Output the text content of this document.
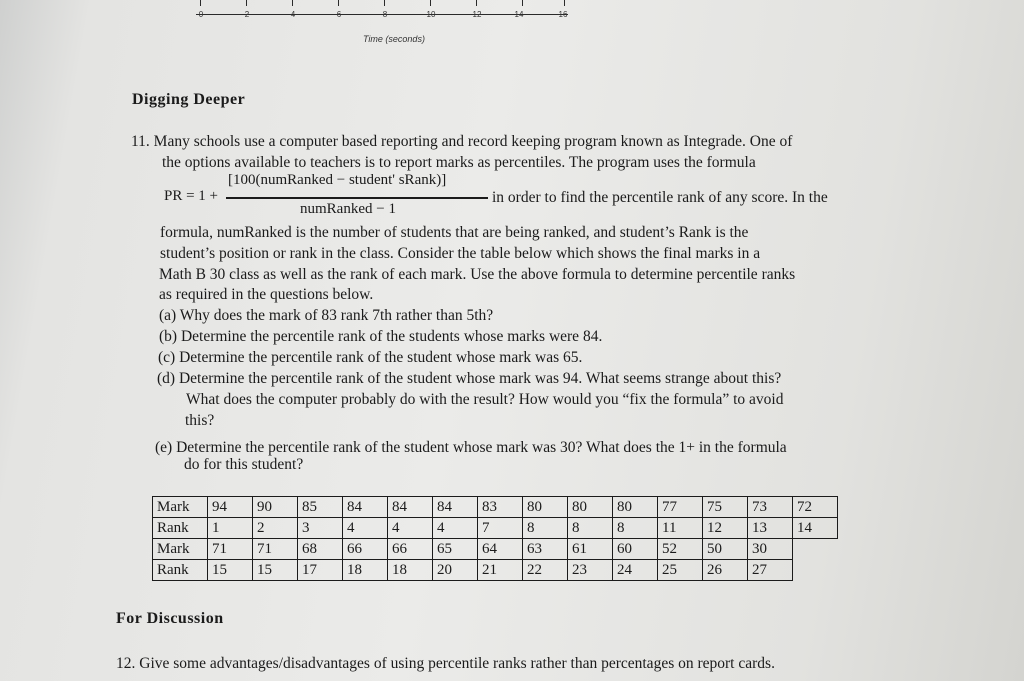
0	2	4	6	8	10	12	14	16
Time (seconds)
Digging Deeper
11. Many schools use a computer based reporting and record keeping program known as Integrade. One of
the options available to teachers is to report marks as percentiles. The program uses the formula
PR = 1 +
[100(numRanked − student' sRank)]
numRanked − 1
in order to find the percentile rank of any score. In the
formula, numRanked is the number of students that are being ranked, and student’s Rank is the
student’s position or rank in the class. Consider the table below which shows the final marks in a
Math B 30 class as well as the rank of each mark. Use the above formula to determine percentile ranks
as required in the questions below.
(a) Why does the mark of 83 rank 7th rather than 5th?
(b) Determine the percentile rank of the students whose marks were 84.
(c) Determine the percentile rank of the student whose mark was 65.
(d) Determine the percentile rank of the student whose mark was 94. What seems strange about this?
What does the computer probably do with the result? How would you “fix the formula” to avoid
this?
(e) Determine the percentile rank of the student whose mark was 30? What does the 1+ in the formula
do for this student?
Mark	94	90	85	84	84	84	83	80	80	80	77	75	73	72
Rank	1	2	3	4	4	4	7	8	8	8	11	12	13	14
Mark	71	71	68	66	66	65	64	63	61	60	52	50	30	
Rank	15	15	17	18	18	20	21	22	23	24	25	26	27	
For Discussion
12. Give some advantages/disadvantages of using percentile ranks rather than percentages on report cards.
